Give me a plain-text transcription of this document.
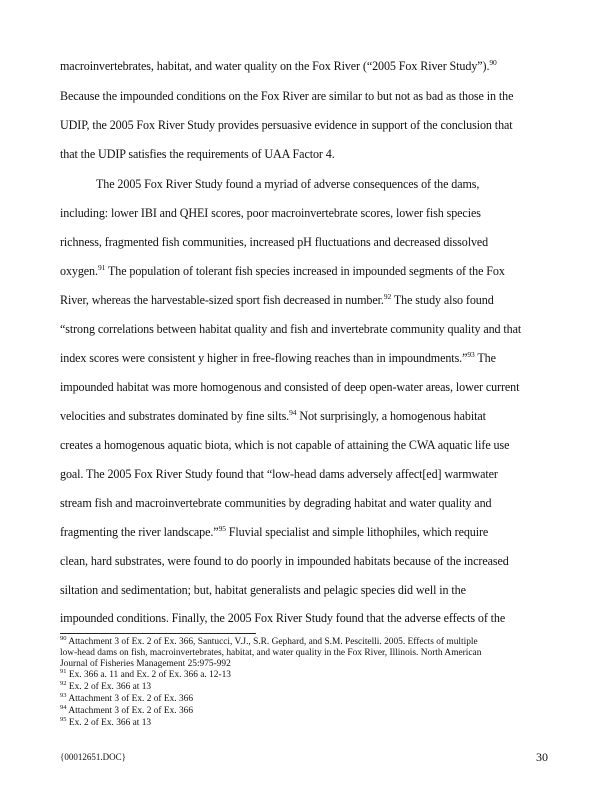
macroinvertebrates, habitat, and water quality on the Fox River (“2005 Fox River Study”).$^{90}$
Because the impounded conditions on the Fox River are similar to but not as bad as those in the
UDIP, the 2005 Fox River Study provides persuasive evidence in support of the conclusion that
that the UDIP satisfies the requirements of UAA Factor 4.
The 2005 Fox River Study found a myriad of adverse consequences of the dams,
including: lower IBI and QHEI scores, poor macroinvertebrate scores, lower fish species
richness, fragmented fish communities, increased pH fluctuations and decreased dissolved
oxygen.$^{91}$ The population of tolerant fish species increased in impounded segments of the Fox
River, whereas the harvestable-sized sport fish decreased in number.$^{92}$ The study also found
“strong correlations between habitat quality and fish and invertebrate community quality and that
index scores were consistent y higher in free-flowing reaches than in impoundments.”$^{93}$ The
impounded habitat was more homogenous and consisted of deep open-water areas, lower current
velocities and substrates dominated by fine silts.$^{94}$ Not surprisingly, a homogenous habitat
creates a homogenous aquatic biota, which is not capable of attaining the CWA aquatic life use
goal. The 2005 Fox River Study found that “low-head dams adversely affect[ed] warmwater
stream fish and macroinvertebrate communities by degrading habitat and water quality and
fragmenting the river landscape.”$^{95}$ Fluvial specialist and simple lithophiles, which require
clean, hard substrates, were found to do poorly in impounded habitats because of the increased
siltation and sedimentation; but, habitat generalists and pelagic species did well in the
impounded conditions. Finally, the 2005 Fox River Study found that the adverse effects of the
$^{90}$ Attachment 3 of Ex. 2 of Ex. 366, Santucci, V.J., S.R. Gephard, and S.M. Pescitelli. 2005. Effects of multiple
low-head dams on fish, macroinvertebrates, habitat, and water quality in the Fox River, Illinois. North American
Journal of Fisheries Management 25:975-992
$^{91}$ Ex. 366 a. 11 and Ex. 2 of Ex. 366 a. 12-13
$^{92}$ Ex. 2 of Ex. 366 at 13
$^{93}$ Attachment 3 of Ex. 2 of Ex. 366
$^{94}$ Attachment 3 of Ex. 2 of Ex. 366
$^{95}$ Ex. 2 of Ex. 366 at 13
{00012651.DOC}	30
